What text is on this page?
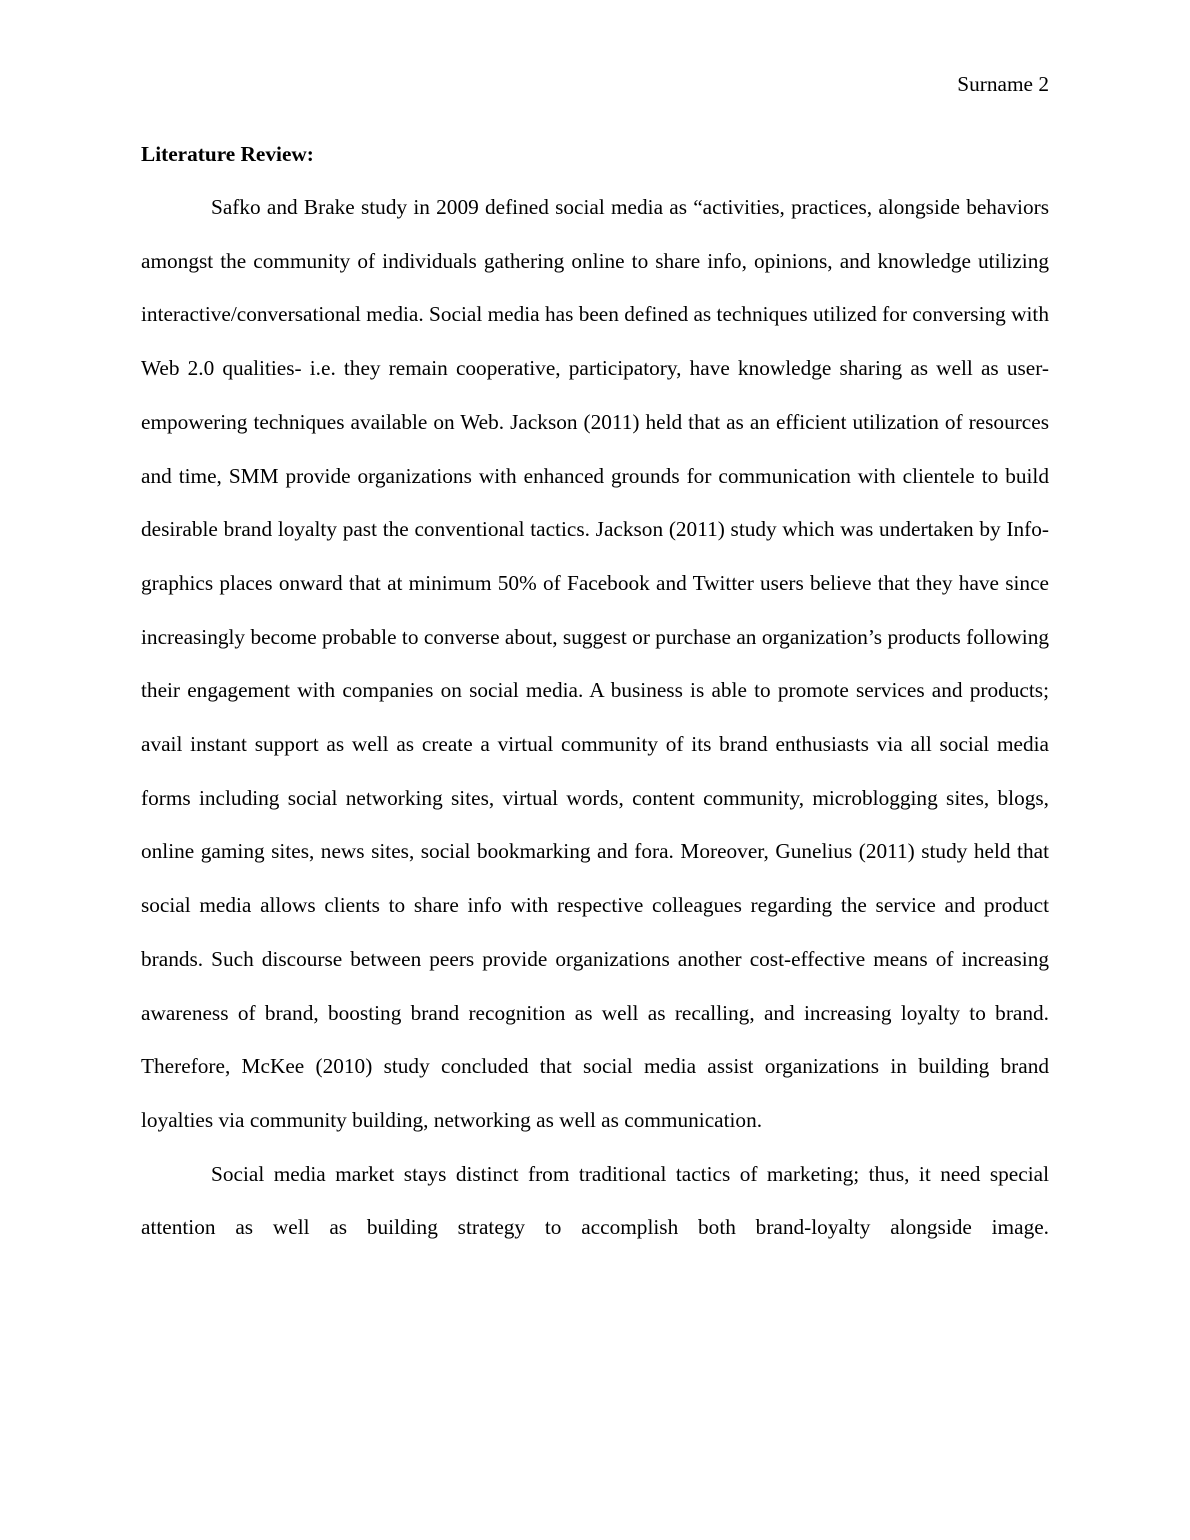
Surname 2
Literature Review:

Safko and Brake study in 2009 defined social media as “activities, practices, alongside behaviors amongst the community of individuals gathering online to share info, opinions, and knowledge utilizing interactive/conversational media. Social media has been defined as techniques utilized for conversing with Web 2.0 qualities- i.e. they remain cooperative, participatory, have knowledge sharing as well as user-empowering techniques available on Web. Jackson (2011) held that as an efficient utilization of resources and time, SMM provide organizations with enhanced grounds for communication with clientele to build desirable brand loyalty past the conventional tactics. Jackson (2011) study which was undertaken by Info-graphics places onward that at minimum 50% of Facebook and Twitter users believe that they have since increasingly become probable to converse about, suggest or purchase an organization’s products following their engagement with companies on social media. A business is able to promote services and products; avail instant support as well as create a virtual community of its brand enthusiasts via all social media forms including social networking sites, virtual words, content community, microblogging sites, blogs, online gaming sites, news sites, social bookmarking and fora. Moreover, Gunelius (2011) study held that social media allows clients to share info with respective colleagues regarding the service and product brands. Such discourse between peers provide organizations another cost-effective means of increasing awareness of brand, boosting brand recognition as well as recalling, and increasing loyalty to brand. Therefore, McKee (2010) study concluded that social media assist organizations in building brand loyalties via community building, networking as well as communication.

Social media market stays distinct from traditional tactics of marketing; thus, it need special attention as well as building strategy to accomplish both brand-loyalty alongside image.
